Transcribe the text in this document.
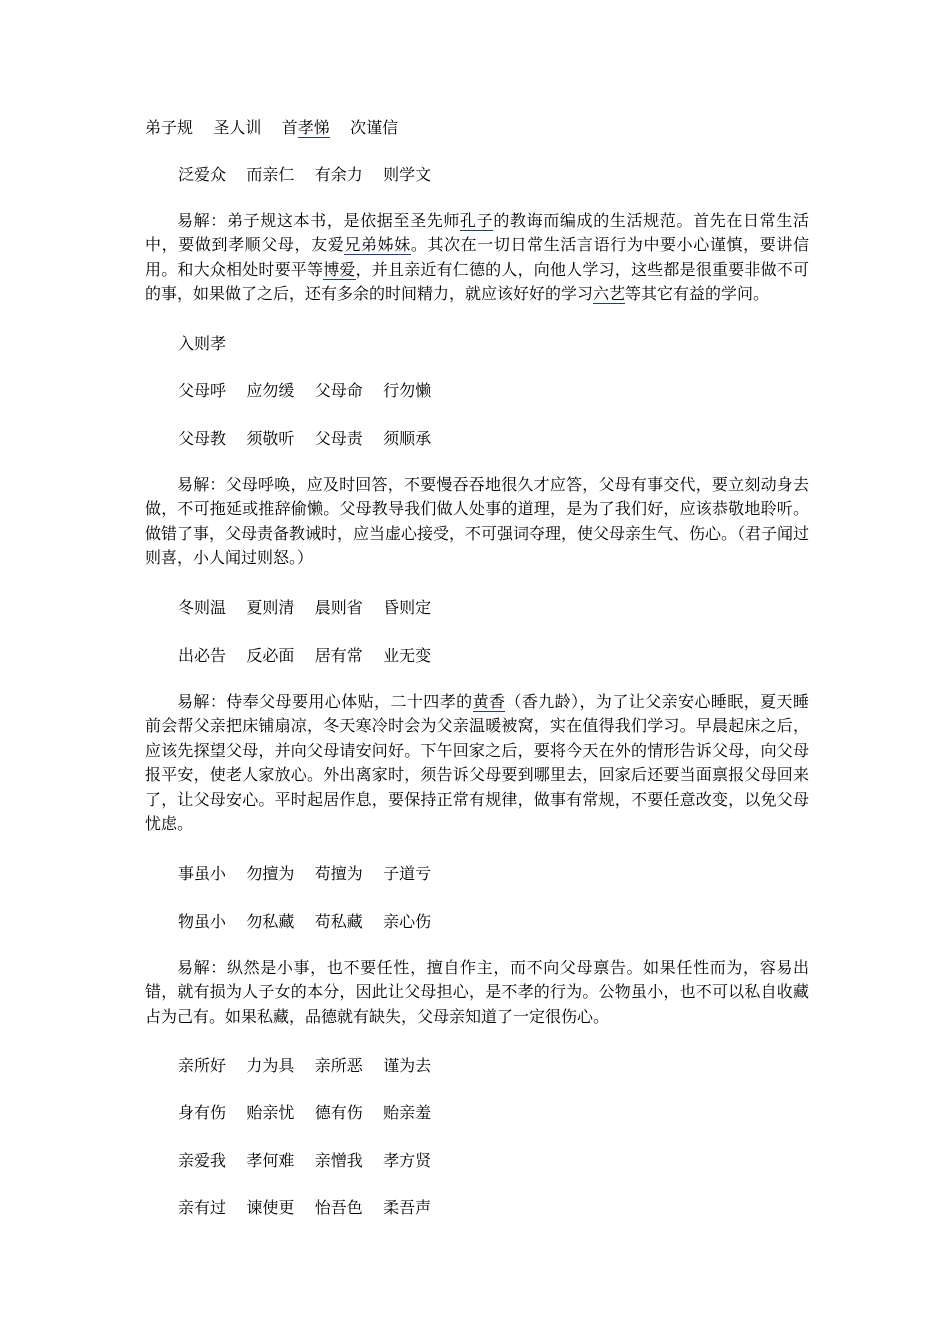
弟子规 圣人训 首孝悌 次谨信

泛爱众 而亲仁 有余力 则学文

易解：弟子规这本书，是依据至圣先师孔子的教诲而编成的生活规范。首先在日常生活中，要做到孝顺父母，友爱兄弟姊妹。其次在一切日常生活言语行为中要小心谨慎，要讲信用。和大众相处时要平等博爱，并且亲近有仁德的人，向他人学习，这些都是很重要非做不可的事，如果做了之后，还有多余的时间精力，就应该好好的学习六艺等其它有益的学问。

入则孝

父母呼 应勿缓 父母命 行勿懒

父母教 须敬听 父母责 须顺承

易解：父母呼唤，应及时回答，不要慢吞吞地很久才应答，父母有事交代，要立刻动身去做，不可拖延或推辞偷懒。父母教导我们做人处事的道理，是为了我们好，应该恭敬地聆听。做错了事，父母责备教诫时，应当虚心接受，不可强词夺理，使父母亲生气、伤心。（君子闻过则喜，小人闻过则怒。）

冬则温 夏则清 晨则省 昏则定

出必告 反必面 居有常 业无变

易解：侍奉父母要用心体贴，二十四孝的黄香（香九龄），为了让父亲安心睡眠，夏天睡前会帮父亲把床铺扇凉，冬天寒冷时会为父亲温暖被窝，实在值得我们学习。早晨起床之后，应该先探望父母，并向父母请安问好。下午回家之后，要将今天在外的情形告诉父母，向父母报平安，使老人家放心。外出离家时，须告诉父母要到哪里去，回家后还要当面禀报父母回来了，让父母安心。平时起居作息，要保持正常有规律，做事有常规，不要任意改变，以免父母忧虑。

事虽小 勿擅为 苟擅为 子道亏

物虽小 勿私藏 苟私藏 亲心伤

易解：纵然是小事，也不要任性，擅自作主，而不向父母禀告。如果任性而为，容易出错，就有损为人子女的本分，因此让父母担心，是不孝的行为。公物虽小，也不可以私自收藏占为己有。如果私藏，品德就有缺失，父母亲知道了一定很伤心。

亲所好 力为具 亲所恶 谨为去

身有伤 贻亲忧 德有伤 贻亲羞

亲爱我 孝何难 亲憎我 孝方贤

亲有过 谏使更 怡吾色 柔吾声
